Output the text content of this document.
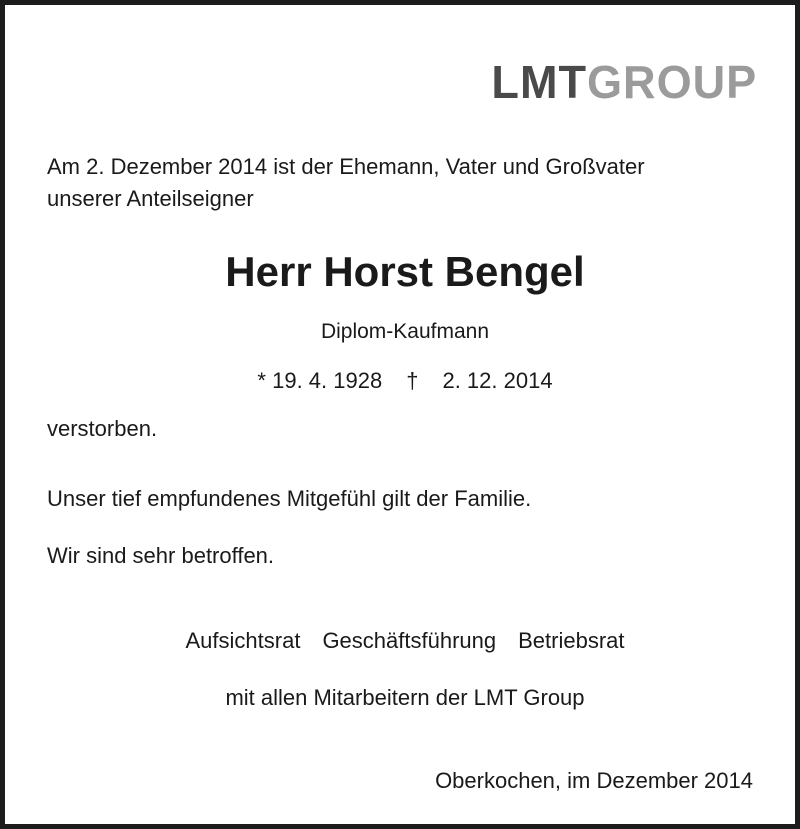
LMTGROUP
Am 2. Dezember 2014 ist der Ehemann, Vater und Großvater
unserer Anteilseigner
Herr Horst Bengel
Diplom-Kaufmann
* 19. 4. 1928 † 2. 12. 2014
verstorben.
Unser tief empfundenes Mitgefühl gilt der Familie.
Wir sind sehr betroffen.
Aufsichtsrat Geschäftsführung Betriebsrat
mit allen Mitarbeitern der LMT Group
Oberkochen, im Dezember 2014
